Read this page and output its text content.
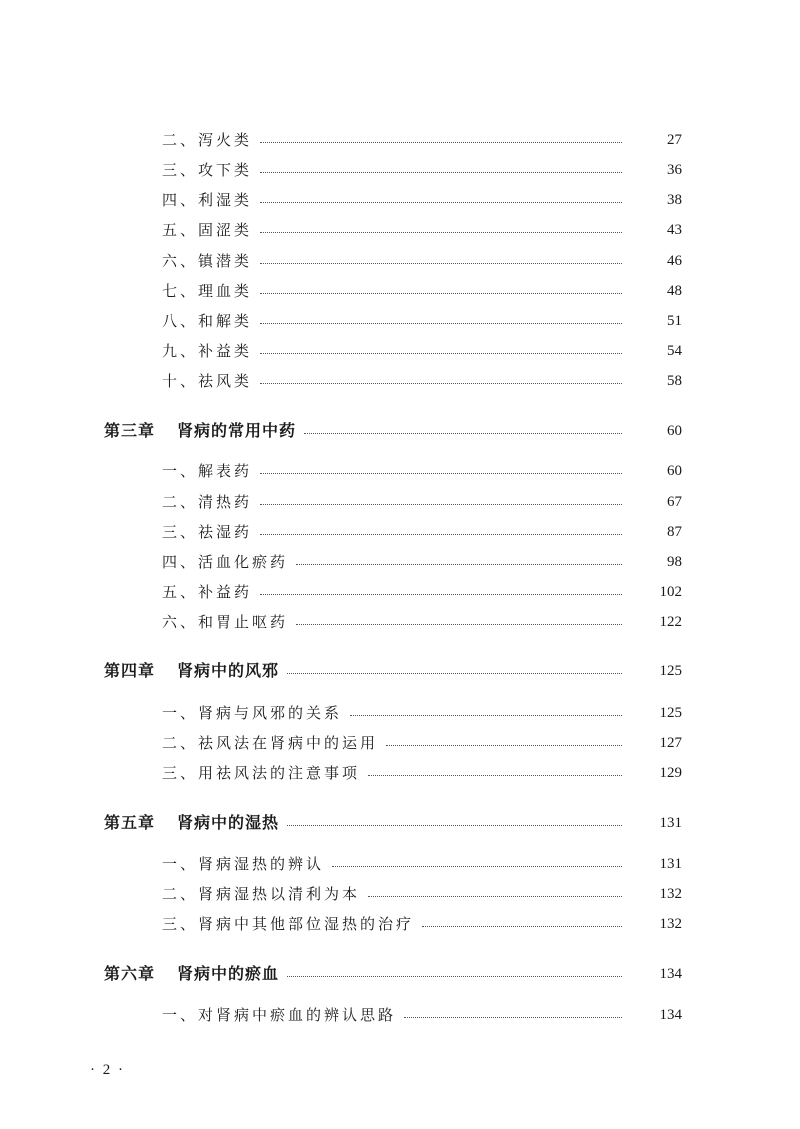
二、泻火类	27
三、攻下类	36
四、利湿类	38
五、固涩类	43
六、镇潜类	46
七、理血类	48
八、和解类	51
九、补益类	54
十、祛风类	58
第三章 肾病的常用中药	60
一、解表药	60
二、清热药	67
三、祛湿药	87
四、活血化瘀药	98
五、补益药	102
六、和胃止呕药	122
第四章 肾病中的风邪	125
一、肾病与风邪的关系	125
二、祛风法在肾病中的运用	127
三、用祛风法的注意事项	129
第五章 肾病中的湿热	131
一、肾病湿热的辨认	131
二、肾病湿热以清利为本	132
三、肾病中其他部位湿热的治疗	132
第六章 肾病中的瘀血	134
一、对肾病中瘀血的辨认思路	134
· 2 ·
